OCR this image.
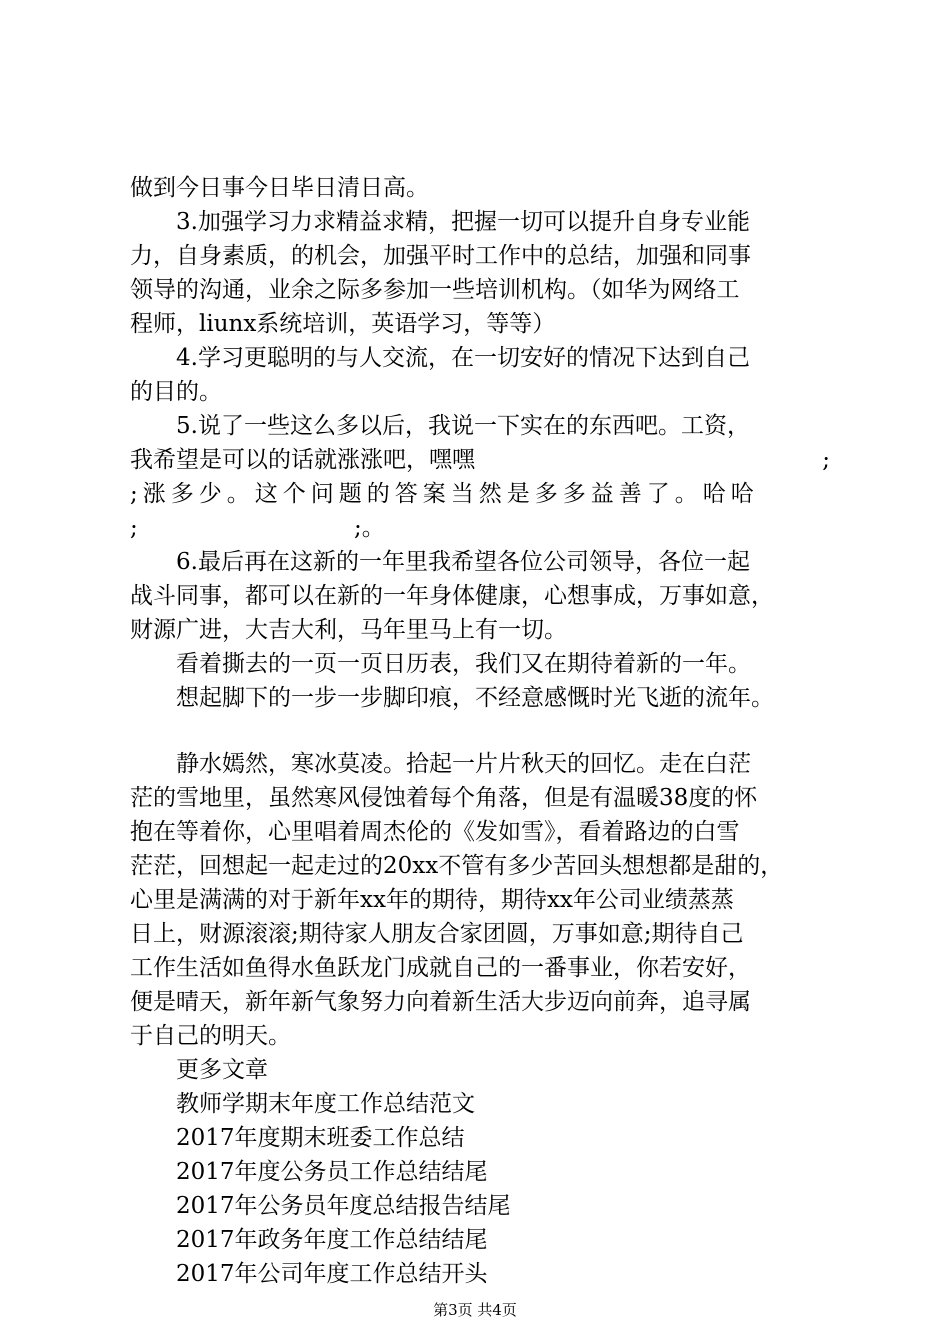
做到今日事今日毕日清日高。

3.加强学习力求精益求精，把握一切可以提升自身专业能

力，自身素质，的机会，加强平时工作中的总结，加强和同事

领导的沟通，业余之际多参加一些培训机构。（如华为网络工

程师，liunx系统培训，英语学习，等等）

4.学习更聪明的与人交流，在一切安好的情况下达到自己

的目的。

5.说了一些这么多以后，我说一下实在的东西吧。工资，

我希望是可以的话就涨涨吧，嘿嘿	;

;涨多少。这个问题的答案当然是多多益善了。哈哈

;	;。

6.最后再在这新的一年里我希望各位公司领导，各位一起

战斗同事，都可以在新的一年身体健康，心想事成，万事如意，

财源广进，大吉大利，马年里马上有一切。

看着撕去的一页一页日历表，我们又在期待着新的一年。

想起脚下的一步一步脚印痕，不经意感慨时光飞逝的流年。

静水嫣然，寒冰莫凌。拾起一片片秋天的回忆。走在白茫

茫的雪地里，虽然寒风侵蚀着每个角落，但是有温暖38度的怀

抱在等着你，心里唱着周杰伦的《发如雪》，看着路边的白雪

茫茫，回想起一起走过的20xx不管有多少苦回头想想都是甜的，

心里是满满的对于新年xx年的期待，期待xx年公司业绩蒸蒸

日上，财源滚滚;期待家人朋友合家团圆，万事如意;期待自己

工作生活如鱼得水鱼跃龙门成就自己的一番事业，你若安好，

便是晴天，新年新气象努力向着新生活大步迈向前奔，追寻属

于自己的明天。

更多文章

教师学期末年度工作总结范文

2017年度期末班委工作总结

2017年度公务员工作总结结尾

2017年公务员年度总结报告结尾

2017年政务年度工作总结结尾

2017年公司年度工作总结开头

第3页 共4页
